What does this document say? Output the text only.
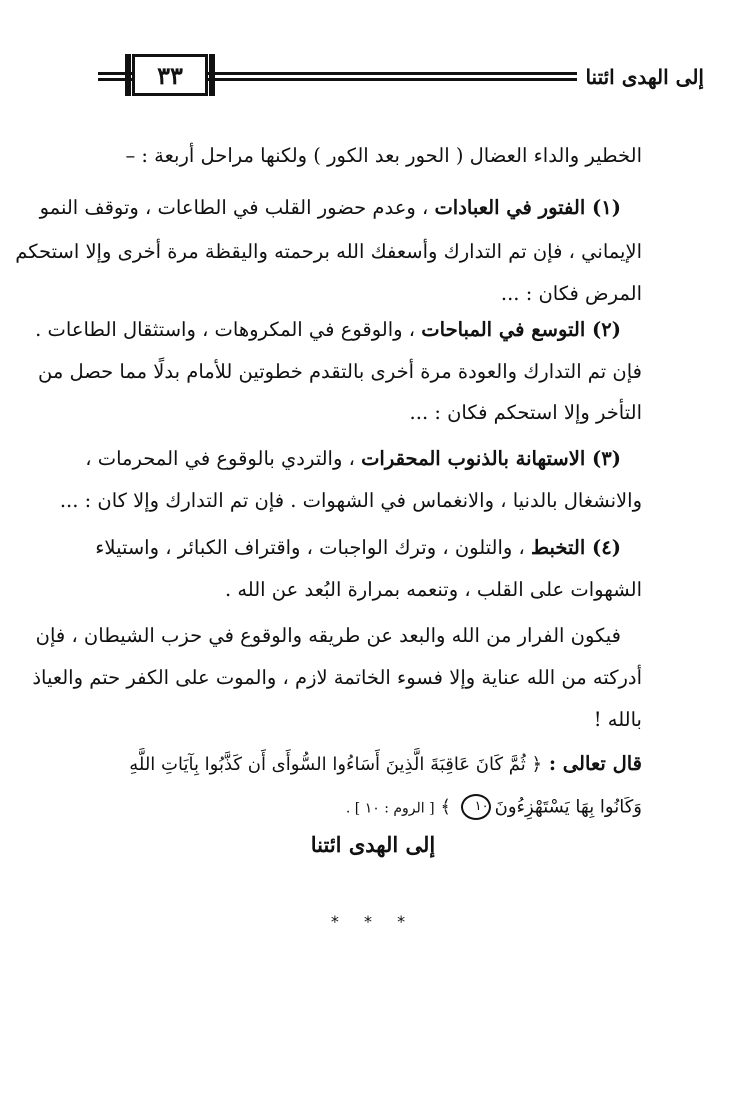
٣٣	إلى الهدى ائتنا
الخطير والداء العضال ( الحور بعد الكور ) ولكنها مراحل أربعة : –
(١) الفتور في العبادات ، وعدم حضور القلب في الطاعات ، وتوقف النمو
الإيماني ، فإن تم التدارك وأسعفك الله برحمته واليقظة مرة أخرى وإلا استحكم
المرض فكان : ...
(٢) التوسع في المباحات ، والوقوع في المكروهات ، واستثقال الطاعات .
فإن تم التدارك والعودة مرة أخرى بالتقدم خطوتين للأمام بدلًا مما حصل من
التأخر وإلا استحكم فكان : ...
(٣) الاستهانة بالذنوب المحقرات ، والتردي بالوقوع في المحرمات ،
والانشغال بالدنيا ، والانغماس في الشهوات . فإن تم التدارك وإلا كان : ...
(٤) التخبط ، والتلون ، وترك الواجبات ، واقتراف الكبائر ، واستيلاء
الشهوات على القلب ، وتنعمه بمرارة البُعد عن الله .
فيكون الفرار من الله والبعد عن طريقه والوقوع في حزب الشيطان ، فإن
أدركته من الله عناية وإلا فسوء الخاتمة لازم ، والموت على الكفر حتم والعياذ
بالله !
قال تعالى : ﴿ ثُمَّ كَانَ عَاقِبَةَ الَّذِينَ أَسَاءُوا السُّوأَى أَن كَذَّبُوا بِآيَاتِ اللَّهِ
وَكَانُوا بِهَا يَسْتَهْزِءُونَ١٠ ﴾ [ الروم : ١٠ ] .
إلى الهدى ائتنا
* * *
